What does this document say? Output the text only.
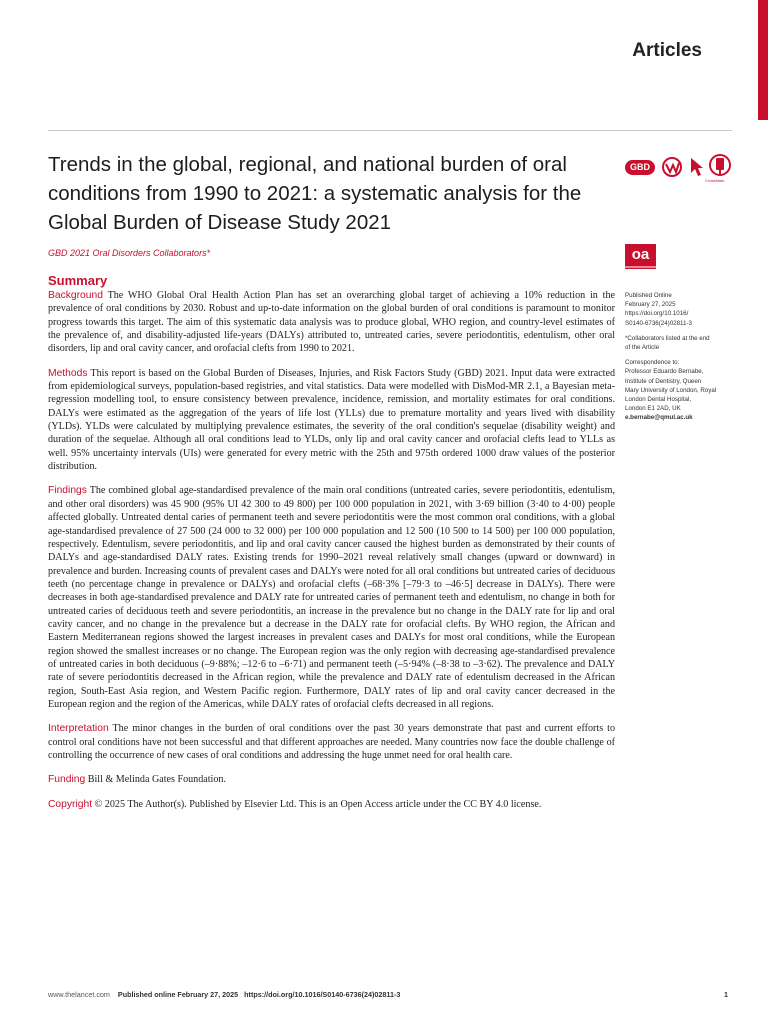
Articles
Trends in the global, regional, and national burden of oral conditions from 1990 to 2021: a systematic analysis for the Global Burden of Disease Study 2021
GBD 2021 Oral Disorders Collaborators*
GBD
CrossMark
oa
Published Online
February 27, 2025
https://doi.org/10.1016/
S0140-6736(24)02811-3
*Collaborators listed at the end
of the Article
Correspondence to:
Professor Eduardo Bernabe,
Institute of Dentistry, Queen
Mary University of London, Royal
London Dental Hospital,
London E1 2AD, UK
e.bernabe@qmul.ac.uk
Summary

Background The WHO Global Oral Health Action Plan has set an overarching global target of achieving a 10% reduction in the prevalence of oral conditions by 2030. Robust and up-to-date information on the global burden of oral conditions is paramount to monitor progress towards this target. The aim of this systematic data analysis was to produce global, WHO region, and country-level estimates of the prevalence of, and disability-adjusted life-years (DALYs) attributed to, untreated caries, severe periodontitis, edentulism, other oral disorders, lip and oral cavity cancer, and orofacial clefts from 1990 to 2021.

Methods This report is based on the Global Burden of Diseases, Injuries, and Risk Factors Study (GBD) 2021. Input data were extracted from epidemiological surveys, population-based registries, and vital statistics. Data were modelled with DisMod-MR 2.1, a Bayesian meta-regression modelling tool, to ensure consistency between prevalence, incidence, remission, and mortality estimates for oral conditions. DALYs were estimated as the aggregation of the years of life lost (YLLs) due to premature mortality and years lived with disability (YLDs). YLDs were calculated by multiplying prevalence estimates, the severity of the oral condition's sequelae (disability weight) and duration of the sequelae. Although all oral conditions lead to YLDs, only lip and oral cavity cancer and orofacial clefts lead to YLLs as well. 95% uncertainty intervals (UIs) were generated for every metric with the 25th and 975th ordered 1000 draw values of the posterior distribution.

Findings The combined global age-standardised prevalence of the main oral conditions (untreated caries, severe periodontitis, edentulism, and other oral disorders) was 45 900 (95% UI 42 300 to 49 800) per 100 000 population in 2021, with 3·69 billion (3·40 to 4·00) people affected globally. Untreated dental caries of permanent teeth and severe periodontitis were the most common oral conditions, with a global age-standardised prevalence of 27 500 (24 000 to 32 000) per 100 000 population and 12 500 (10 500 to 14 500) per 100 000 population, respectively. Edentulism, severe periodontitis, and lip and oral cavity cancer caused the highest burden as demonstrated by their counts of DALYs and age-standardised DALY rates. Existing trends for 1990–2021 reveal relatively small changes (upward or downward) in prevalence and burden. Increasing counts of prevalent cases and DALYs were noted for all oral conditions but untreated caries of deciduous teeth (no percentage change in prevalence or DALYs) and orofacial clefts (–68·3% [–79·3 to –46·5] decrease in DALYs). There were decreases in both age-standardised prevalence and DALY rate for untreated caries of permanent teeth and edentulism, no change in both for untreated caries of deciduous teeth and severe periodontitis, an increase in the prevalence but no change in the DALY rate for lip and oral cavity cancer, and no change in the prevalence but a decrease in the DALY rate for orofacial clefts. By WHO region, the African and Eastern Mediterranean regions showed the largest increases in prevalent cases and DALYs for most oral conditions, while the European region showed the smallest increases or no change. The European region was the only region with decreasing age-standardised prevalence of untreated caries in both deciduous (–9·88%; –12·6 to –6·71) and permanent teeth (–5·94% (–8·38 to –3·62). The prevalence and DALY rate of severe periodontitis decreased in the African region, while the prevalence and DALY rate of edentulism decreased in the African region, South-East Asia region, and Western Pacific region. Furthermore, DALY rates of lip and oral cavity cancer decreased in the European region and the region of the Americas, while DALY rates of orofacial clefts decreased in all regions.

Interpretation The minor changes in the burden of oral conditions over the past 30 years demonstrate that past and current efforts to control oral conditions have not been successful and that different approaches are needed. Many countries now face the double challenge of controlling the occurrence of new cases of oral conditions and addressing the huge unmet need for oral health care.

Funding Bill & Melinda Gates Foundation.

Copyright © 2025 The Author(s). Published by Elsevier Ltd. This is an Open Access article under the CC BY 4.0 license.

www.thelancet.com Published online February 27, 2025 https://doi.org/10.1016/S0140-6736(24)02811-3	1
